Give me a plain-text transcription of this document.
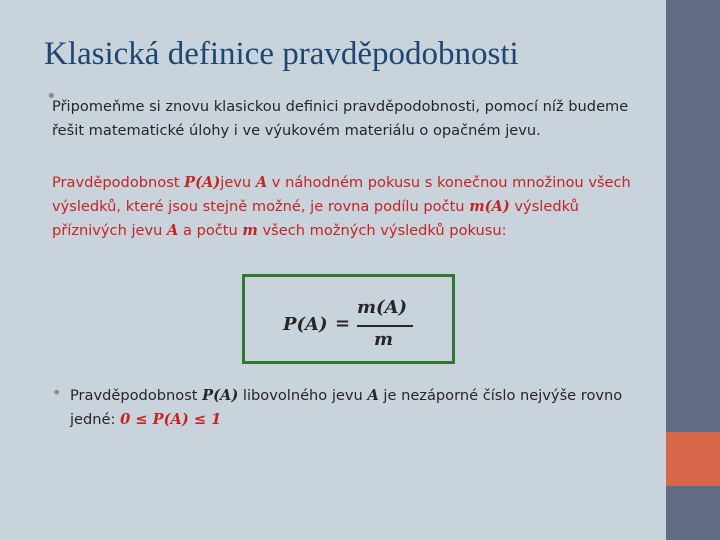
Klasická definice pravděpodobnosti
•
Připomeňme si znovu klasickou definici pravděpodobnosti, pomocí níž budeme řešit matematické úlohy i ve výukovém materiálu o opačném jevu.
Pravděpodobnost P(A)jevu A v náhodném pokusu s konečnou množinou všech výsledků, které jsou stejně možné, je rovna podílu počtu m(A) výsledků příznivých jevu A a počtu m všech možných výsledků pokusu:
P(A) =
m(A)
m
• Pravděpodobnost P(A) libovolného jevu A je nezáporné číslo nejvýše rovno jedné: 0 ≤ P(A) ≤ 1
